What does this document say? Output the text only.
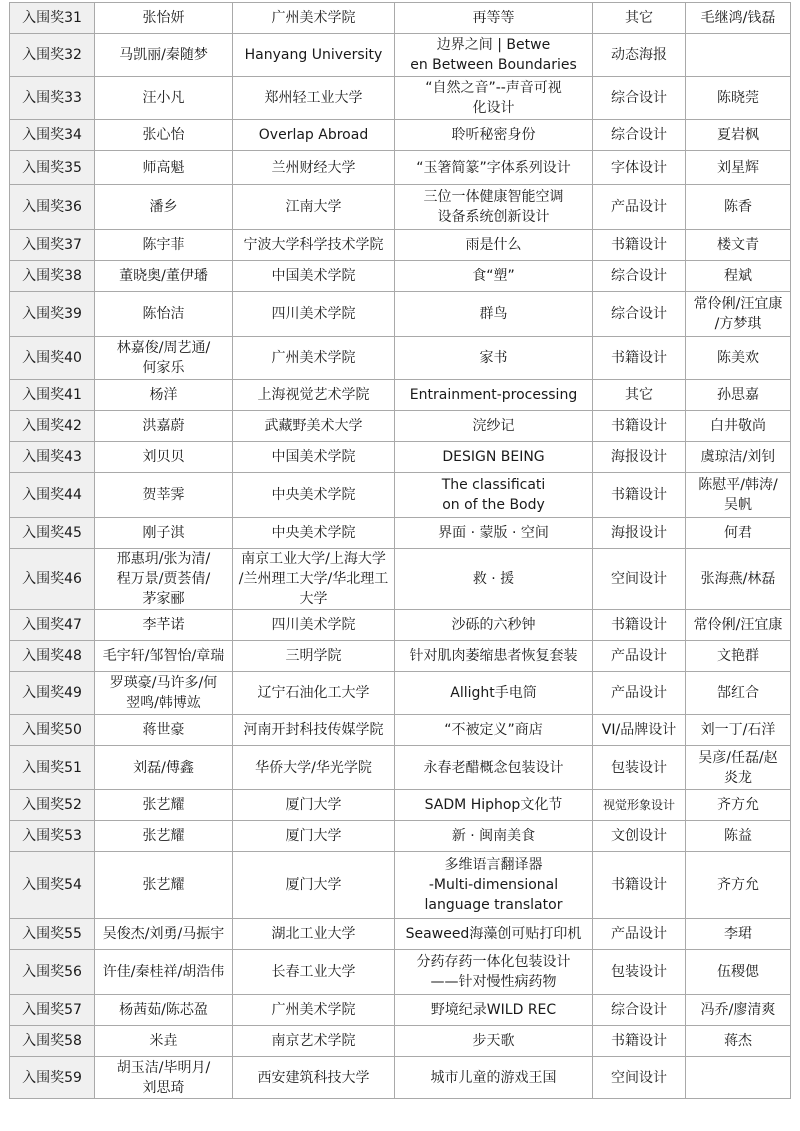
入围奖31	张怡妍	广州美术学院	再等等	其它	毛继鸿/钱磊
入围奖32	马凯丽/秦随梦	Hanyang University	边界之间 | Betwe
en Between Boundaries	动态海报	
入围奖33	汪小凡	郑州轻工业大学	“自然之音”--声音可视
化设计	综合设计	陈晓莞
入围奖34	张心怡	Overlap Abroad	聆听秘密身份	综合设计	夏岩枫
入围奖35	师高魁	兰州财经大学	“玉箸简篆”字体系列设计	字体设计	刘星辉
入围奖36	潘乡	江南大学	三位一体健康智能空调
设备系统创新设计	产品设计	陈香
入围奖37	陈宇菲	宁波大学科学技术学院	雨是什么	书籍设计	楼文青
入围奖38	董晓奥/董伊璠	中国美术学院	食“塑”	综合设计	程斌
入围奖39	陈怡洁	四川美术学院	群鸟	综合设计	常伶俐/汪宜康
/方梦琪
入围奖40	林嘉俊/周艺通/
何家乐	广州美术学院	家书	书籍设计	陈美欢
入围奖41	杨洋	上海视觉艺术学院	Entrainment-processing	其它	孙思嘉
入围奖42	洪嘉蔚	武藏野美术大学	浣纱记	书籍设计	白井敬尚
入围奖43	刘贝贝	中国美术学院	DESIGN BEING	海报设计	虞琼洁/刘钊
入围奖44	贺莘霁	中央美术学院	The classificati
on of the Body	书籍设计	陈慰平/韩涛/
吴帆
入围奖45	刚子淇	中央美术学院	界面 · 蒙版 · 空间	海报设计	何君
入围奖46	邢惠玥/张为清/
程万景/贾荟倩/
茅家郦	南京工业大学/上海大学
/兰州理工大学/华北理工
大学	救 · 援	空间设计	张海燕/林磊
入围奖47	李芊诺	四川美术学院	沙砾的六秒钟	书籍设计	常伶俐/汪宜康
入围奖48	毛宇轩/邹智怡/章瑞	三明学院	针对肌肉萎缩患者恢复套装	产品设计	文艳群
入围奖49	罗瑛豪/马许多/何
翌鸣/韩博竑	辽宁石油化工大学	Allight手电筒	产品设计	郜红合
入围奖50	蒋世豪	河南开封科技传媒学院	“不被定义”商店	VI/品牌设计	刘一丁/石洋
入围奖51	刘磊/傅鑫	华侨大学/华光学院	永春老醋概念包装设计	包装设计	吴彦/任磊/赵
炎龙
入围奖52	张艺耀	厦门大学	SADM Hiphop文化节	视觉形象设计	齐方允
入围奖53	张艺耀	厦门大学	新 · 闽南美食	文创设计	陈益
入围奖54	张艺耀	厦门大学	多维语言翻译器
-Multi-dimensional
language translator	书籍设计	齐方允
入围奖55	吴俊杰/刘勇/马振宇	湖北工业大学	Seaweed海藻创可贴打印机	产品设计	李珺
入围奖56	许佳/秦桂祥/胡浩伟	长春工业大学	分药存药一体化包装设计
——针对慢性病药物	包装设计	伍稷偲
入围奖57	杨茜茹/陈芯盈	广州美术学院	野境纪录WILD REC	综合设计	冯乔/廖清爽
入围奖58	米垚	南京艺术学院	步天歌	书籍设计	蒋杰
入围奖59	胡玉洁/毕明月/
刘思琦	西安建筑科技大学	城市儿童的游戏王国	空间设计	
